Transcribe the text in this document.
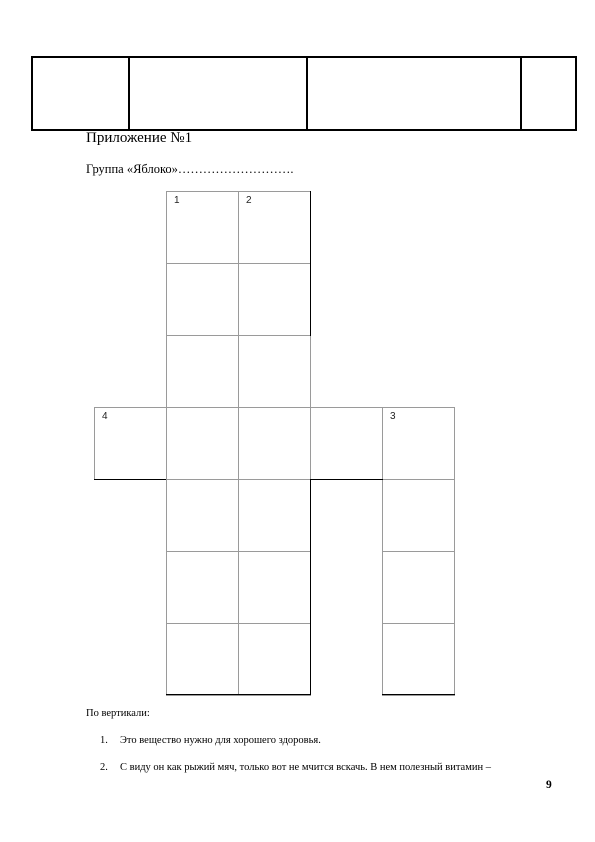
Приложение №1
Группа «Яблоко»……………………….
1	2
4	3
По вертикали:
1. Это вещество нужно для хорошего здоровья.
2. С виду он как рыжий мяч, только вот не мчится вскачь. В нем полезный витамин –
9
